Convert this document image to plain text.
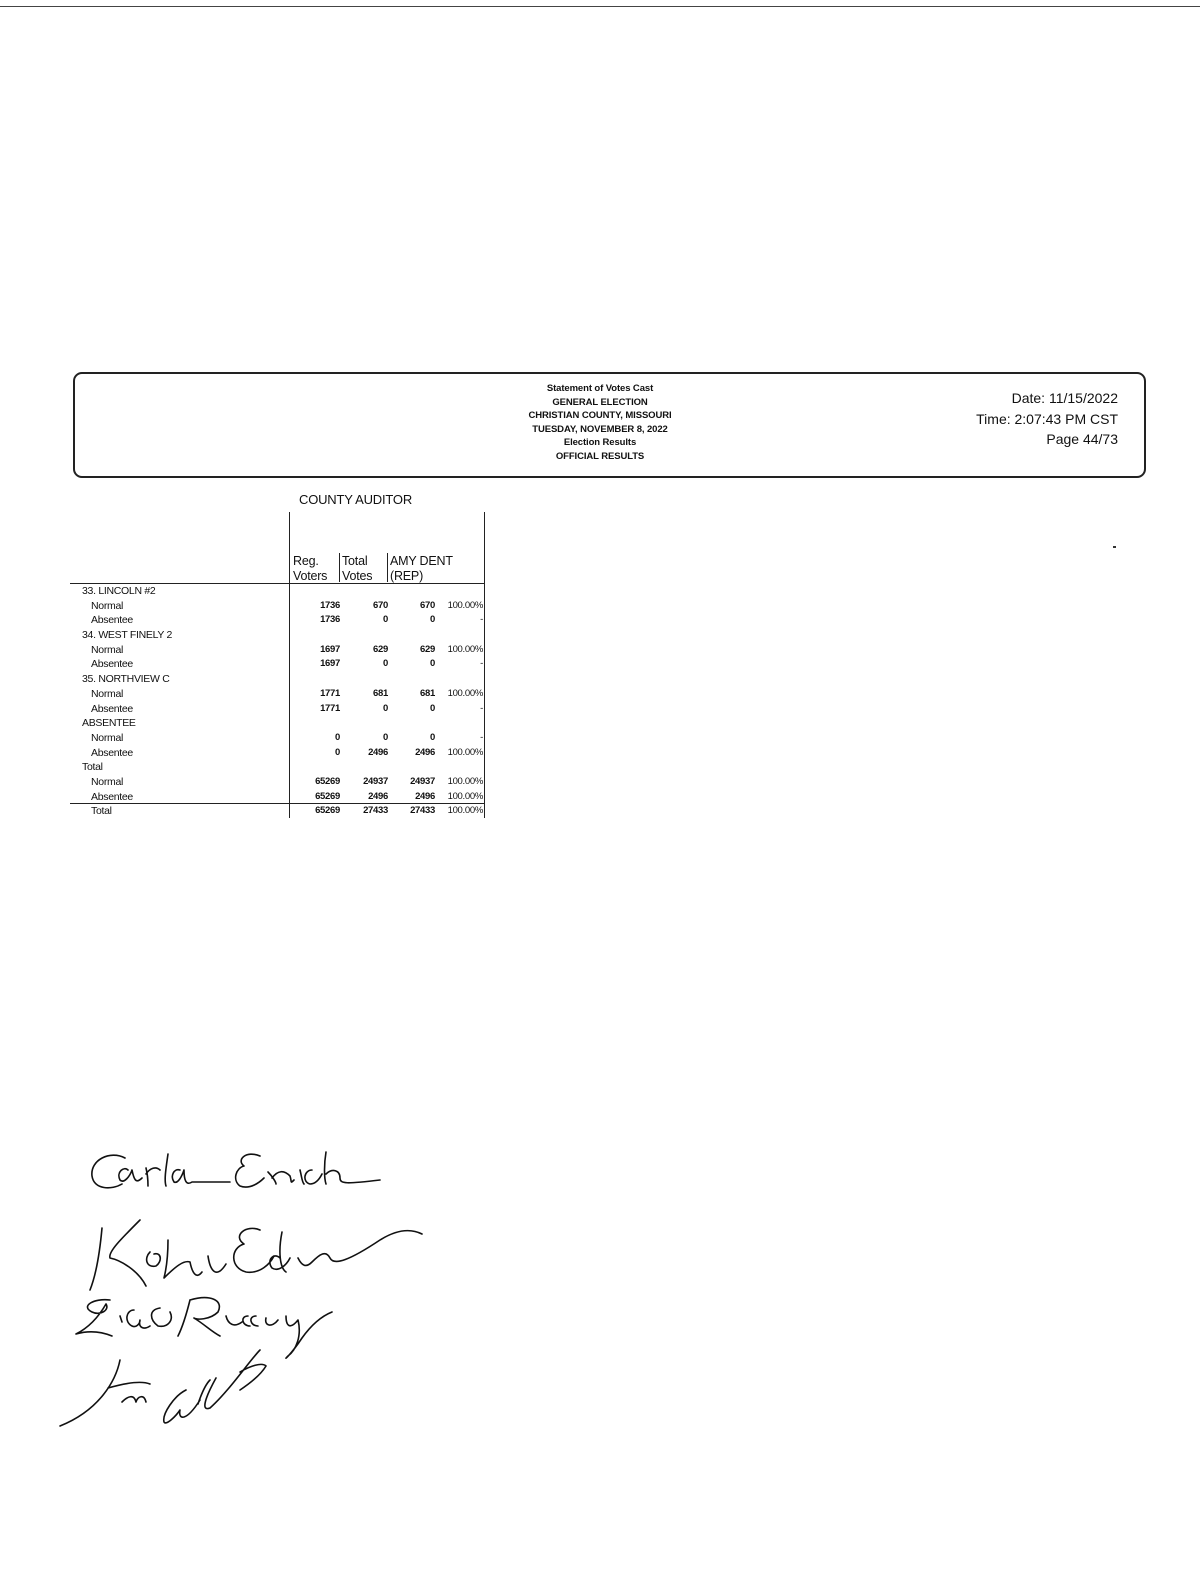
Statement of Votes Cast
GENERAL ELECTION
CHRISTIAN COUNTY, MISSOURI
TUESDAY, NOVEMBER 8, 2022
Election Results
OFFICIAL RESULTS
Date: 11/15/2022
Time: 2:07:43 PM CST
Page 44/73
COUNTY AUDITOR
Reg.
Voters
Total
Votes
AMY DENT
(REP)
33. LINCOLN #2
Normal	1736	670	670 100.00%
Absentee	1736	0	0	-
34. WEST FINELY 2
Normal	1697	629	629 100.00%
Absentee	1697	0	0	-
35. NORTHVIEW C
Normal	1771	681	681 100.00%
Absentee	1771	0	0	-
ABSENTEE
Normal	0	0	0	-
Absentee	0	2496	2496 100.00%
Total
Normal	65269 24937 24937 100.00%
Absentee	65269	2496	2496 100.00%
Total	65269 27433 27433 100.00%
